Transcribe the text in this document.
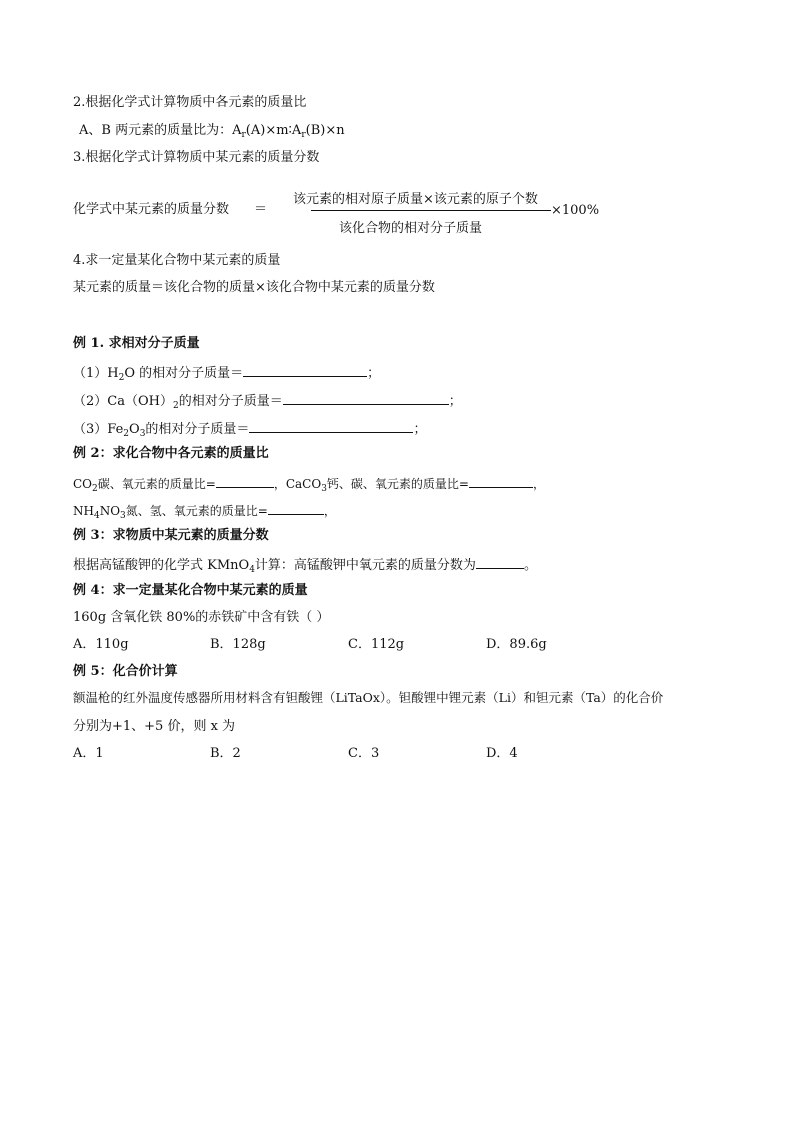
2.根据化学式计算物质中各元素的质量比
A、B 两元素的质量比为：$A_r(A)\times m∶A_r(B)\times n$
3.根据化学式计算物质中某元素的质量分数
化学式中某元素的质量分数 ＝
该元素的相对原子质量×该元素的原子个数
该化合物的相对分子质量
×100%
4.求一定量某化合物中某元素的质量
某元素的质量＝该化合物的质量×该化合物中某元素的质量分数
例 1. 求相对分子质量
$(1)H_2O$ 的相对分子质量＝	；
$(2)Ca(OH)_2$的相对分子质量＝	；
$(3)Fe_2O_3$的相对分子质量＝	；
例 2：求化合物中各元素的质量比
$CO_2$碳、氧元素的质量比=	，CaCO$_3$钙、碳、氧元素的质量比=	，
$NH_4NO_3$氮、氢、氧元素的质量比=	，
例 3：求物质中某元素的质量分数
根据高锰酸钾的化学式 KMnO$_4$计算：高锰酸钾中氧元素的质量分数为	。
例 4：求一定量某化合物中某元素的质量
160g 含氧化铁 80%的赤铁矿中含有铁（ ）
A．110g	B．128g	C．112g	D．89.6g
例 5：化合价计算
额温枪的红外温度传感器所用材料含有钽酸锂（LiTaOx）。钽酸锂中锂元素（Li）和钽元素（Ta）的化合价
分别为+1、+5 价，则 x 为
A．1	B．2	C．3	D．4
